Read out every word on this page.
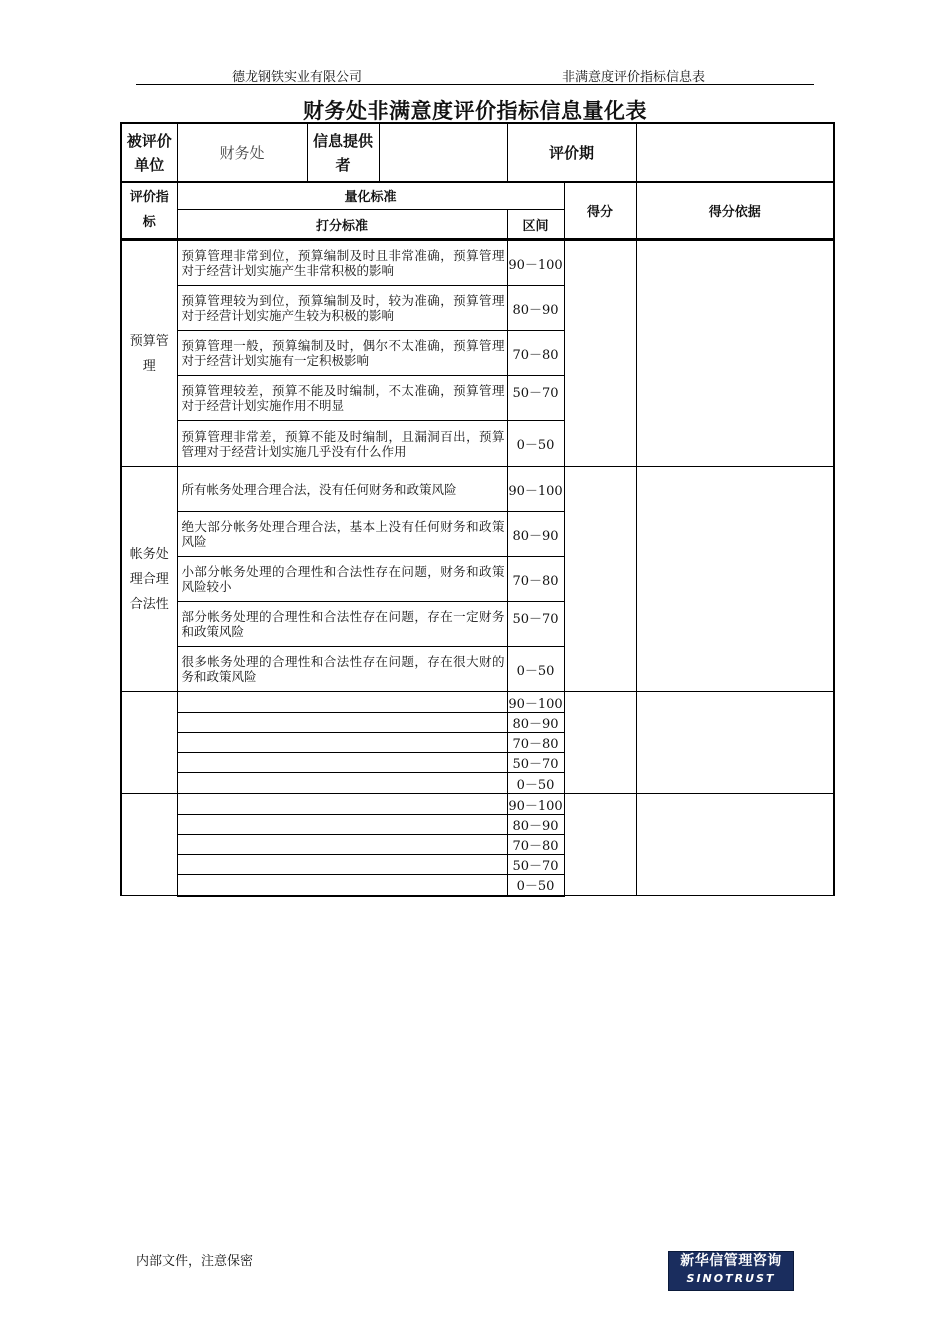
德龙钢铁实业有限公司	非满意度评价指标信息表
财务处非满意度评价指标信息量化表
被评价单位	财务处	信息提供者		评价期	
评价指标	量化标准		得分	得分依据
	打分标准	区间		
预算管理	预算管理非常到位，预算编制及时且非常准确，预算管理对于经营计划实施产生非常积极的影响	90－100		
	预算管理较为到位，预算编制及时，较为准确，预算管理对于经营计划实施产生较为积极的影响	80－90		
	预算管理一般，预算编制及时，偶尔不太准确，预算管理对于经营计划实施有一定积极影响	70－80		
	预算管理较差，预算不能及时编制，不太准确，预算管理对于经营计划实施作用不明显	50－70		
	预算管理非常差，预算不能及时编制，且漏洞百出，预算管理对于经营计划实施几乎没有什么作用	0－50		
帐务处理合理合法性	所有帐务处理合理合法，没有任何财务和政策风险	90－100		
	绝大部分帐务处理合理合法，基本上没有任何财务和政策风险	80－90		
	小部分帐务处理的合理性和合法性存在问题，财务和政策风险较小	70－80		
	部分帐务处理的合理性和合法性存在问题，存在一定财务和政策风险	50－70		
	很多帐务处理的合理性和合法性存在问题，存在很大财的务和政策风险	0－50		
		90－100		
		80－90		
		70－80		
		50－70		
		0－50		
		90－100		
		80－90		
		70－80		
		50－70		
		0－50		
内部文件，注意保密	新华信管理咨询
SINOTRUST
